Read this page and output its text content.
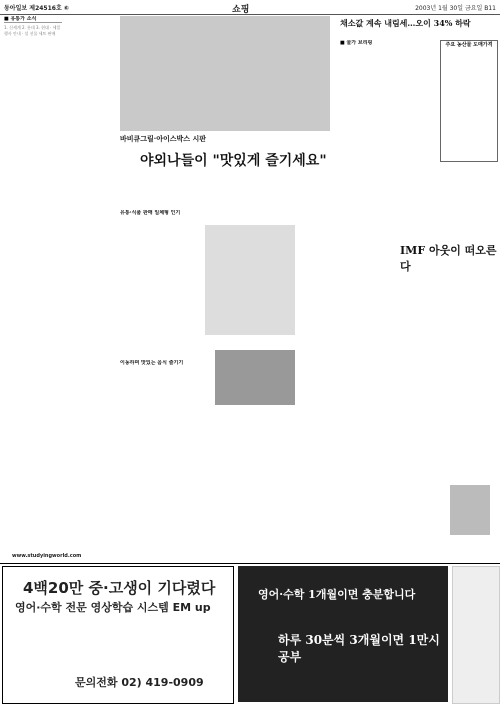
동아일보 제24516호 ⑥	쇼핑	2003년 1월 30일 금요일 B11
■ 유통가 소식
1. 신세계 2. 롯데 3. 현대 · 세일 행사 안내 · 설 선물 세트 판매
야외나들이 "맛있게 즐기세요"
바비큐그릴·아이스박스 시판
유통·식품 판매 일체형 인기
이동하며 맛있는 음식 즐기기
채소값 계속 내림세…오이 34% 하락
■ 물가 브리핑	주요 농산물 도매가격
IMF 아웃이 떠오른다
www.studyingworld.com
4백20만 중·고생이 기다렸다
영어·수학 전문 영상학습 시스템 EM up
문의전화 02) 419-0909
영어·수학 1개월이면 충분합니다
하루 30분씩 3개월이면 1만시 공부
